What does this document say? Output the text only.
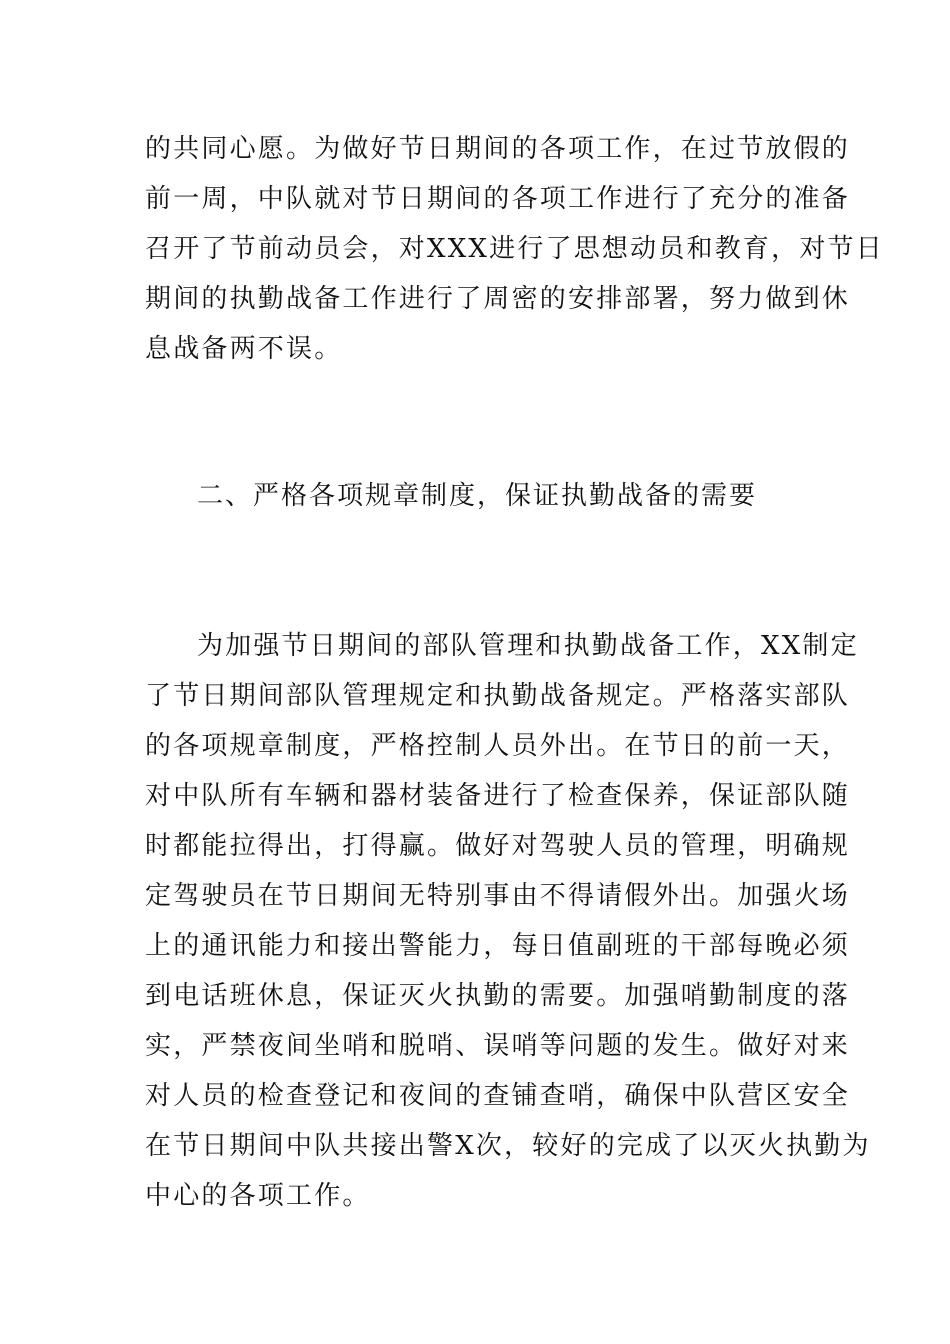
的共同心愿。为做好节日期间的各项工作，在过节放假的
前一周，中队就对节日期间的各项工作进行了充分的准备
召开了节前动员会，对XXX进行了思想动员和教育，对节日
期间的执勤战备工作进行了周密的安排部署，努力做到休
息战备两不误。
二、严格各项规章制度，保证执勤战备的需要
为加强节日期间的部队管理和执勤战备工作，XX制定
了节日期间部队管理规定和执勤战备规定。严格落实部队
的各项规章制度，严格控制人员外出。在节日的前一天，
对中队所有车辆和器材装备进行了检查保养，保证部队随
时都能拉得出，打得赢。做好对驾驶人员的管理，明确规
定驾驶员在节日期间无特别事由不得请假外出。加强火场
上的通讯能力和接出警能力，每日值副班的干部每晚必须
到电话班休息，保证灭火执勤的需要。加强哨勤制度的落
实，严禁夜间坐哨和脱哨、误哨等问题的发生。做好对来
对人员的检查登记和夜间的查铺查哨，确保中队营区安全
在节日期间中队共接出警X次，较好的完成了以灭火执勤为
中心的各项工作。
